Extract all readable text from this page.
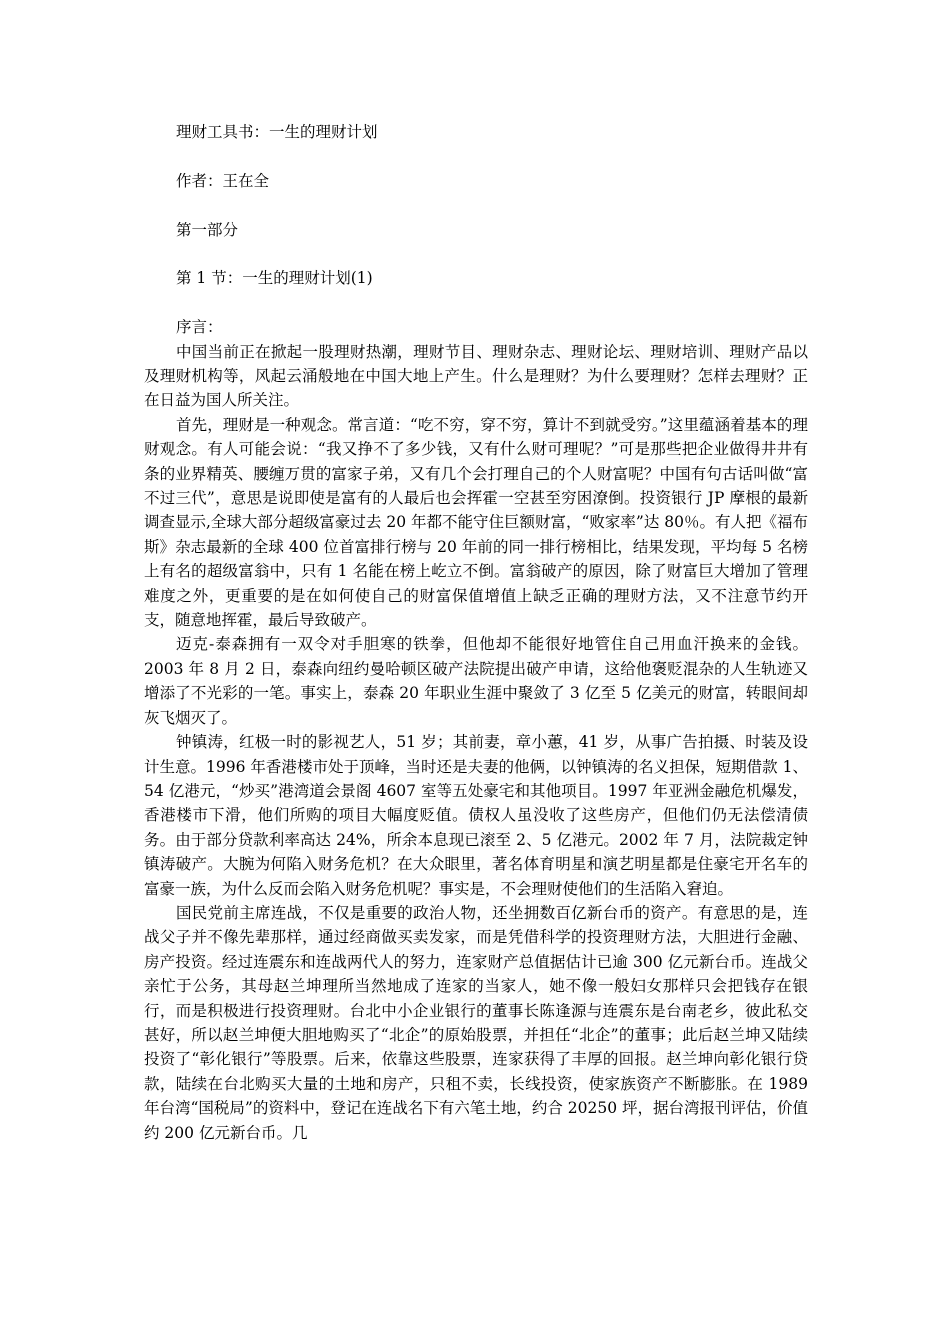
理财工具书：一生的理财计划

作者：王在全

第一部分

第 1 节：一生的理财计划(1)

序言：

中国当前正在掀起一股理财热潮，理财节目、理财杂志、理财论坛、理财培训、理财产品以及理财机构等，风起云涌般地在中国大地上产生。什么是理财？为什么要理财？怎样去理财？正在日益为国人所关注。

首先，理财是一种观念。常言道：“吃不穷，穿不穷，算计不到就受穷。”这里蕴涵着基本的理财观念。有人可能会说：“我又挣不了多少钱，又有什么财可理呢？”可是那些把企业做得井井有条的业界精英、腰缠万贯的富家子弟，又有几个会打理自己的个人财富呢？中国有句古话叫做“富不过三代”，意思是说即使是富有的人最后也会挥霍一空甚至穷困潦倒。投资银行 JP 摩根的最新调查显示,全球大部分超级富豪过去 20 年都不能守住巨额财富，“败家率”达 80％。有人把《福布斯》杂志最新的全球 400 位首富排行榜与 20 年前的同一排行榜相比，结果发现，平均每 5 名榜上有名的超级富翁中，只有 1 名能在榜上屹立不倒。富翁破产的原因，除了财富巨大增加了管理难度之外，更重要的是在如何使自己的财富保值增值上缺乏正确的理财方法，又不注意节约开支，随意地挥霍，最后导致破产。

迈克-泰森拥有一双令对手胆寒的铁拳，但他却不能很好地管住自己用血汗换来的金钱。2003 年 8 月 2 日，泰森向纽约曼哈顿区破产法院提出破产申请，这给他褒贬混杂的人生轨迹又增添了不光彩的一笔。事实上，泰森 20 年职业生涯中聚敛了 3 亿至 5 亿美元的财富，转眼间却灰飞烟灭了。

钟镇涛，红极一时的影视艺人，51 岁；其前妻，章小蕙，41 岁，从事广告拍摄、时装及设计生意。1996 年香港楼市处于顶峰，当时还是夫妻的他俩，以钟镇涛的名义担保，短期借款 1、54 亿港元，“炒买”港湾道会景阁 4607 室等五处豪宅和其他项目。1997 年亚洲金融危机爆发，香港楼市下滑，他们所购的项目大幅度贬值。债权人虽没收了这些房产，但他们仍无法偿清债务。由于部分贷款利率高达 24%，所余本息现已滚至 2、5 亿港元。2002 年 7 月，法院裁定钟镇涛破产。大腕为何陷入财务危机？在大众眼里，著名体育明星和演艺明星都是住豪宅开名车的富豪一族，为什么反而会陷入财务危机呢？事实是，不会理财使他们的生活陷入窘迫。

国民党前主席连战，不仅是重要的政治人物，还坐拥数百亿新台币的资产。有意思的是，连战父子并不像先辈那样，通过经商做买卖发家，而是凭借科学的投资理财方法，大胆进行金融、房产投资。经过连震东和连战两代人的努力，连家财产总值据估计已逾 300 亿元新台币。连战父亲忙于公务，其母赵兰坤理所当然地成了连家的当家人，她不像一般妇女那样只会把钱存在银行，而是积极进行投资理财。台北中小企业银行的董事长陈逢源与连震东是台南老乡，彼此私交甚好，所以赵兰坤便大胆地购买了“北企”的原始股票，并担任“北企”的董事；此后赵兰坤又陆续投资了“彰化银行”等股票。后来，依靠这些股票，连家获得了丰厚的回报。赵兰坤向彰化银行贷款，陆续在台北购买大量的土地和房产，只租不卖，长线投资，使家族资产不断膨胀。在 1989 年台湾“国税局”的资料中，登记在连战名下有六笔土地，约合 20250 坪，据台湾报刊评估，价值约 200 亿元新台币。几
